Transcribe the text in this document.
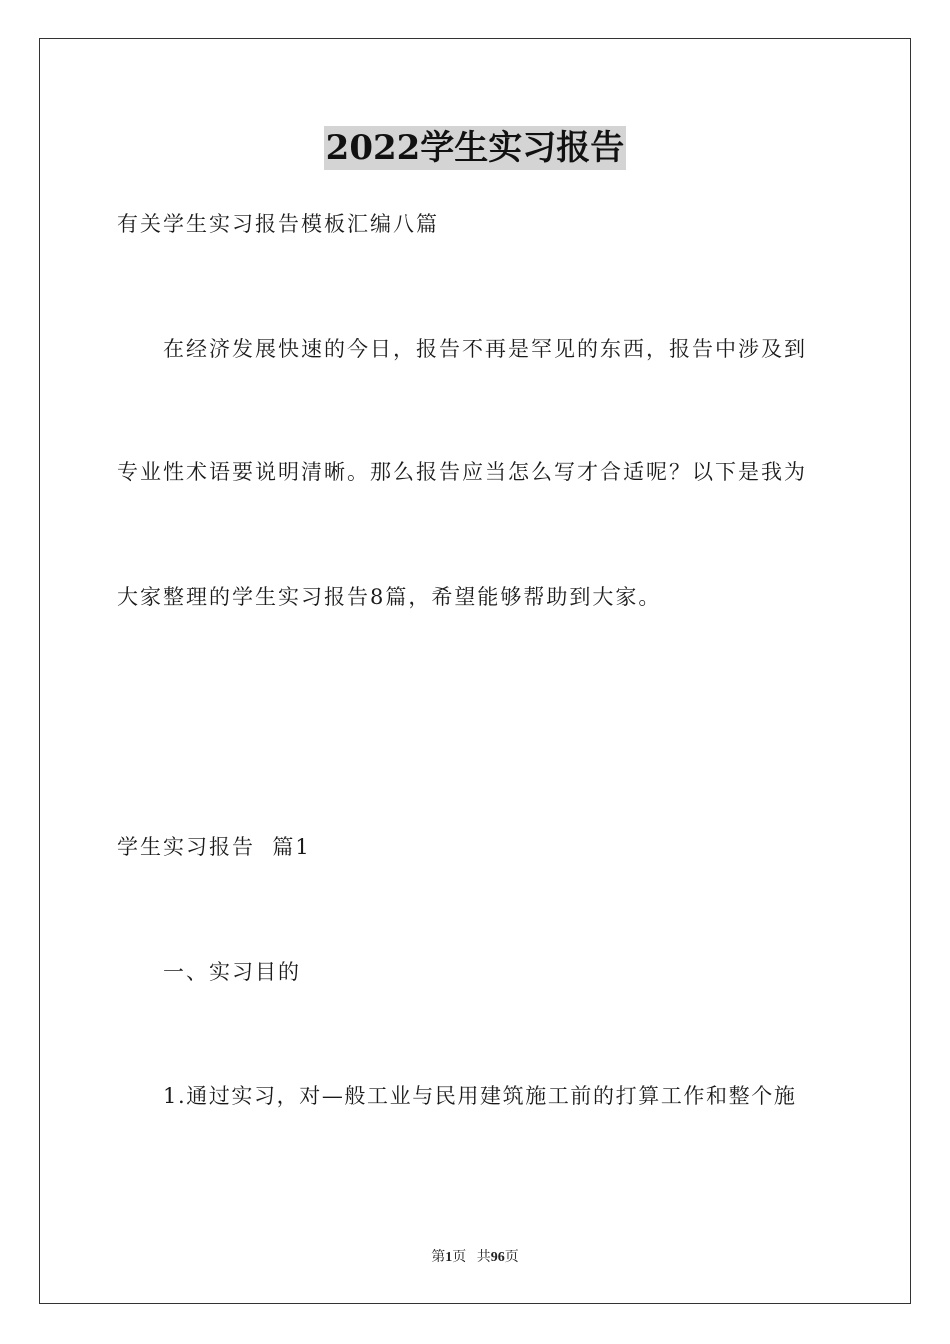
2022学生实习报告
有关学生实习报告模板汇编八篇
在经济发展快速的今日，报告不再是罕见的东西，报告中涉及到
专业性术语要说明清晰。那么报告应当怎么写才合适呢？以下是我为
大家整理的学生实习报告8篇，希望能够帮助到大家。
学生实习报告  篇1
一、实习目的
1.通过实习，对—般工业与民用建筑施工前的打算工作和整个施
第1页 共96页
